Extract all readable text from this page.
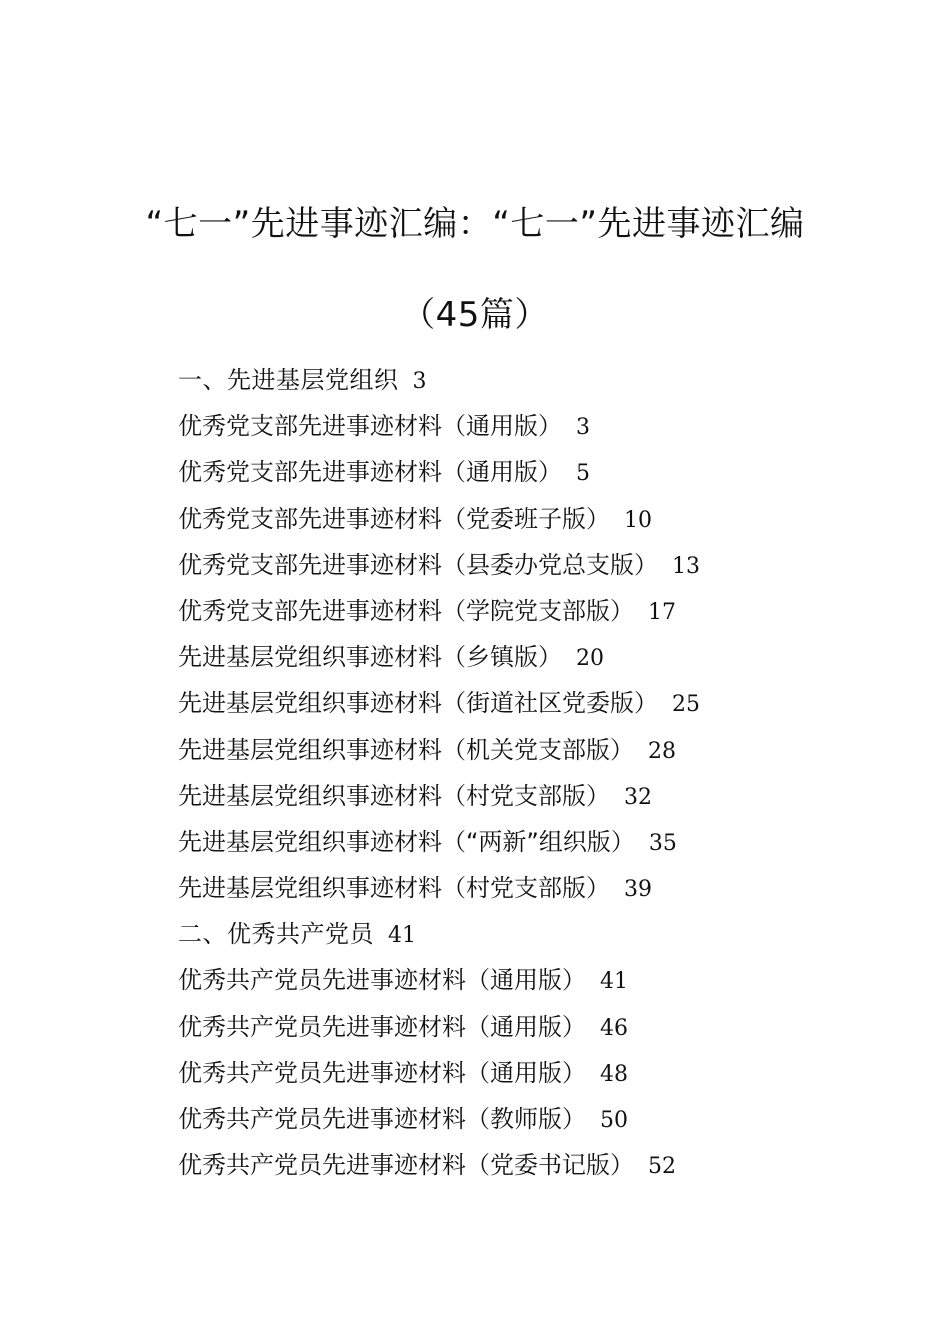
“七一”先进事迹汇编：“七一”先进事迹汇编
（45篇）
一、先进基层党组织 3
优秀党支部先进事迹材料（通用版） 3
优秀党支部先进事迹材料（通用版） 5
优秀党支部先进事迹材料（党委班子版） 10
优秀党支部先进事迹材料（县委办党总支版） 13
优秀党支部先进事迹材料（学院党支部版） 17
先进基层党组织事迹材料（乡镇版） 20
先进基层党组织事迹材料（街道社区党委版） 25
先进基层党组织事迹材料（机关党支部版） 28
先进基层党组织事迹材料（村党支部版） 32
先进基层党组织事迹材料（“两新”组织版） 35
先进基层党组织事迹材料（村党支部版） 39
二、优秀共产党员 41
优秀共产党员先进事迹材料（通用版） 41
优秀共产党员先进事迹材料（通用版） 46
优秀共产党员先进事迹材料（通用版） 48
优秀共产党员先进事迹材料（教师版） 50
优秀共产党员先进事迹材料（党委书记版） 52
